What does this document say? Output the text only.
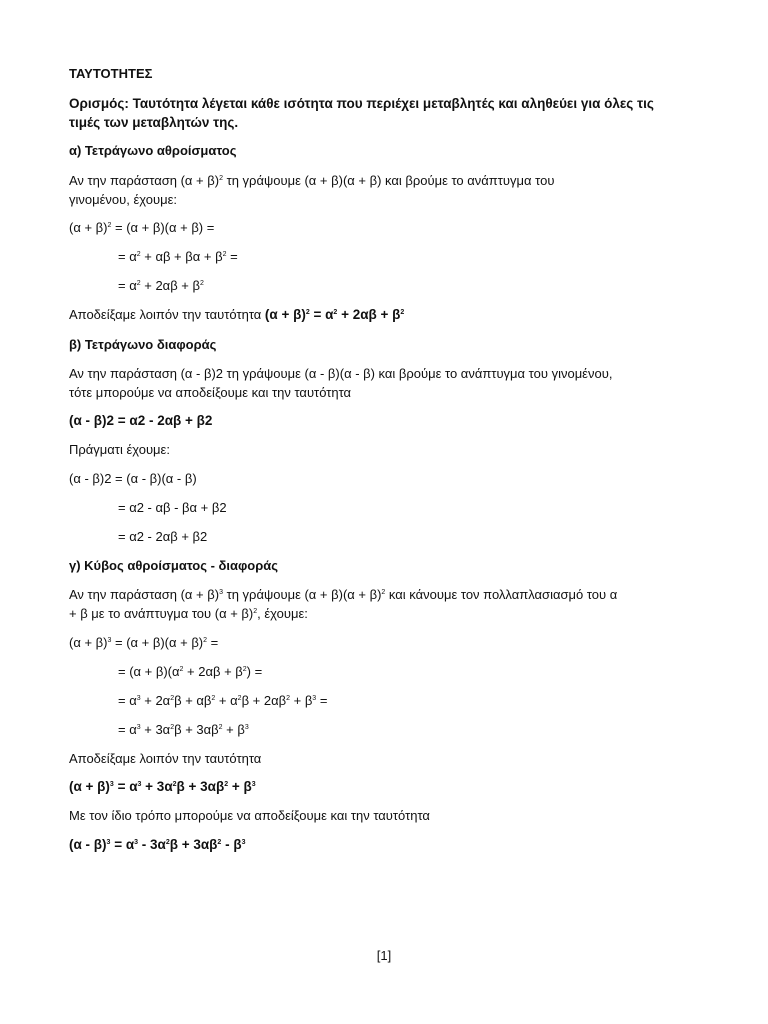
ΤΑΥΤΟΤΗΤΕΣ
Ορισμός: Ταυτότητα λέγεται κάθε ισότητα που περιέχει μεταβλητές και αληθεύει για όλες τις
τιμές των μεταβλητών της.
α) Τετράγωνο αθροίσματος
Αν την παράσταση $(\alpha + \beta)^2$ τη γράψουμε (α + β)(α + β) και βρούμε το ανάπτυγμα του
γινομένου, έχουμε:
$(\alpha + \beta)^2 = (\alpha + \beta)(\alpha + \beta)$ =
= $\alpha^2 + \alpha\beta + \beta\alpha + \beta^2$ =
= $\alpha^2 + 2\alpha\beta + \beta^2$
Αποδείξαμε λοιπόν την ταυτότητα $(\alpha + \beta)^2 = \alpha^2 + 2\alpha\beta + \beta^2$
β) Τετράγωνο διαφοράς
Αν την παράσταση (α - β)2 τη γράψουμε (α - β)(α - β) και βρούμε το ανάπτυγμα του γινομένου,
τότε μπορούμε να αποδείξουμε και την ταυτότητα
(α - β)2 = α2 - 2αβ + β2
Πράγματι έχουμε:
(α - β)2 = (α - β)(α - β)
= α2 - αβ - βα + β2
= α2 - 2αβ + β2
γ) Κύβος αθροίσματος - διαφοράς
Αν την παράσταση $(\alpha + \beta)^3$ τη γράψουμε $(\alpha + \beta)(\alpha + \beta)^2$ και κάνουμε τον πολλαπλασιασμό του α
+ β με το ανάπτυγμα του $(\alpha + \beta)^2$, έχουμε:
$(\alpha + \beta)^3 = (\alpha + \beta)(\alpha + \beta)^2$ =
= $(\alpha + \beta)(\alpha^2 + 2\alpha\beta + \beta^2)$ =
= $\alpha^3 + 2\alpha^2\beta + \alpha\beta^2 + \alpha^2\beta + 2\alpha\beta^2 + \beta^3$ =
= $\alpha^3 + 3\alpha^2\beta + 3\alpha\beta^2 + \beta^3$
Αποδείξαμε λοιπόν την ταυτότητα
$(\alpha + \beta)^3 = \alpha^3 + 3\alpha^2\beta + 3\alpha\beta^2 + \beta^3$
Με τον ίδιο τρόπο μπορούμε να αποδείξουμε και την ταυτότητα
$(\alpha - \beta)^3 = \alpha^3 - 3\alpha^2\beta + 3\alpha\beta^2 - \beta^3$
[1]
